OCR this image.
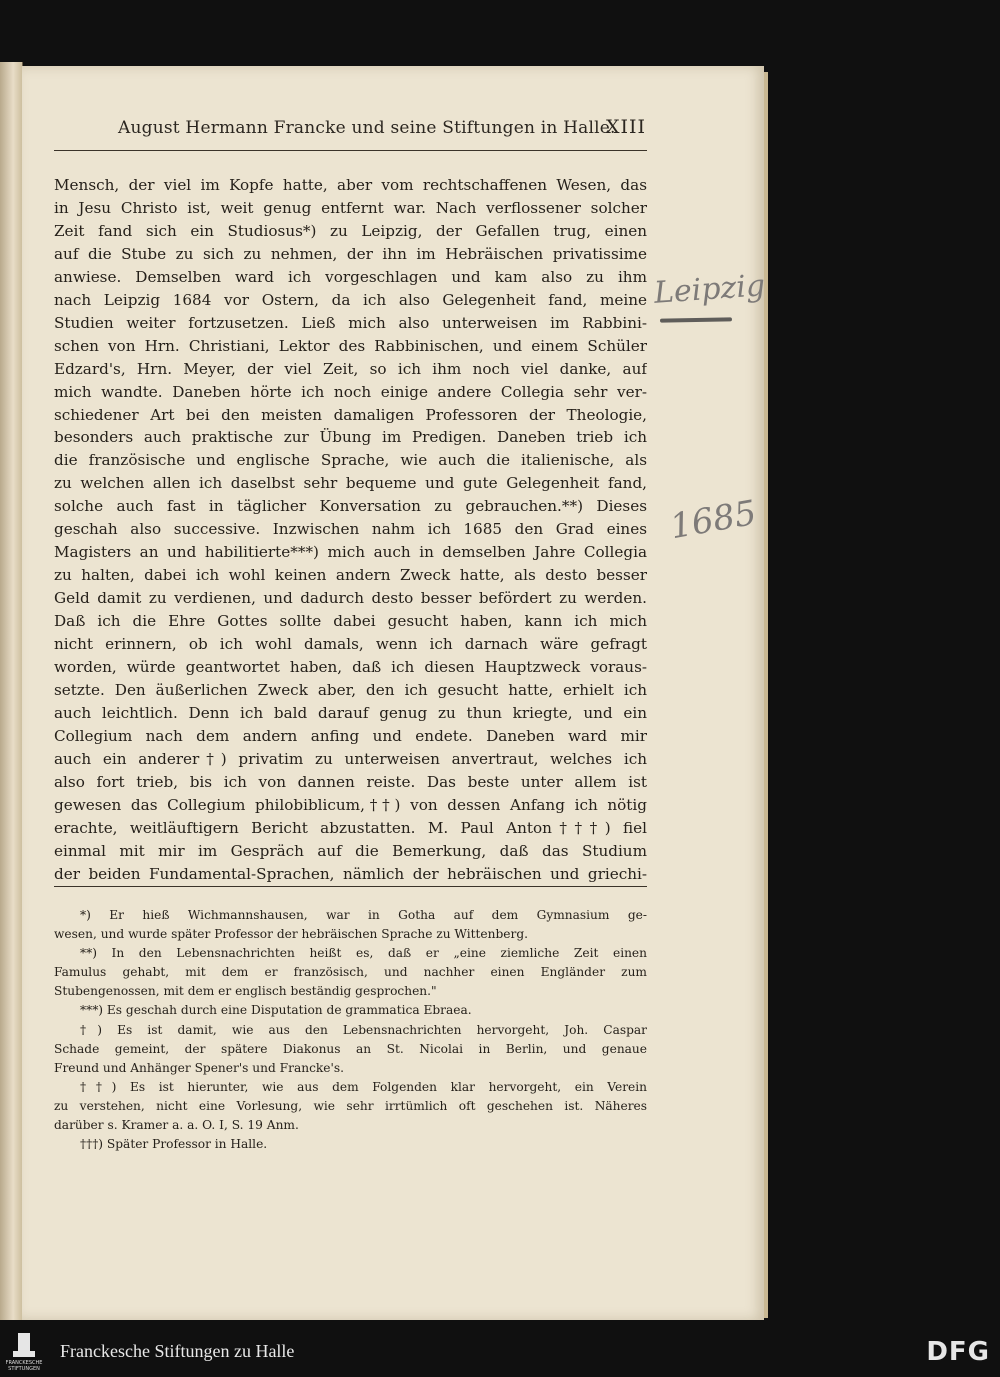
August Hermann Francke und seine Stiftungen in Halle.
XIII
Mensch, der viel im Kopfe hatte, aber vom rechtschaffenen Wesen, das
in Jesu Christo ist, weit genug entfernt war. Nach verflossener solcher
Zeit fand sich ein Studiosus*) zu Leipzig, der Gefallen trug, einen
auf die Stube zu sich zu nehmen, der ihn im Hebräischen privatissime
anwiese. Demselben ward ich vorgeschlagen und kam also zu ihm
nach Leipzig 1684 vor Ostern, da ich also Gelegenheit fand, meine
Studien weiter fortzusetzen. Ließ mich also unterweisen im Rabbini-
schen von Hrn. Christiani, Lektor des Rabbinischen, und einem Schüler
Edzard's, Hrn. Meyer, der viel Zeit, so ich ihm noch viel danke, auf
mich wandte. Daneben hörte ich noch einige andere Collegia sehr ver-
schiedener Art bei den meisten damaligen Professoren der Theologie,
besonders auch praktische zur Übung im Predigen. Daneben trieb ich
die französische und englische Sprache, wie auch die italienische, als
zu welchen allen ich daselbst sehr bequeme und gute Gelegenheit fand,
solche auch fast in täglicher Konversation zu gebrauchen.**) Dieses
geschah also successive. Inzwischen nahm ich 1685 den Grad eines
Magisters an und habilitierte***) mich auch in demselben Jahre Collegia
zu halten, dabei ich wohl keinen andern Zweck hatte, als desto besser
Geld damit zu verdienen, und dadurch desto besser befördert zu werden.
Daß ich die Ehre Gottes sollte dabei gesucht haben, kann ich mich
nicht erinnern, ob ich wohl damals, wenn ich darnach wäre gefragt
worden, würde geantwortet haben, daß ich diesen Hauptzweck voraus-
setzte. Den äußerlichen Zweck aber, den ich gesucht hatte, erhielt ich
auch leichtlich. Denn ich bald darauf genug zu thun kriegte, und ein
Collegium nach dem andern anfing und endete. Daneben ward mir
auch ein anderer†) privatim zu unterweisen anvertraut, welches ich
also fort trieb, bis ich von dannen reiste. Das beste unter allem ist
gewesen das Collegium philobiblicum,††) von dessen Anfang ich nötig
erachte, weitläuftigern Bericht abzustatten. M. Paul Anton†††) fiel
einmal mit mir im Gespräch auf die Bemerkung, daß das Studium
der beiden Fundamental-Sprachen, nämlich der hebräischen und griechi-
*) Er hieß Wichmannshausen, war in Gotha auf dem Gymnasium ge-
wesen, und wurde später Professor der hebräischen Sprache zu Wittenberg.
**) In den Lebensnachrichten heißt es, daß er „eine ziemliche Zeit einen
Famulus gehabt, mit dem er französisch, und nachher einen Engländer zum
Stubengenossen, mit dem er englisch beständig gesprochen."
***) Es geschah durch eine Disputation de grammatica Ebraea.
†) Es ist damit, wie aus den Lebensnachrichten hervorgeht, Joh. Caspar
Schade gemeint, der spätere Diakonus an St. Nicolai in Berlin, und genaue
Freund und Anhänger Spener's und Francke's.
††) Es ist hierunter, wie aus dem Folgenden klar hervorgeht, ein Verein
zu verstehen, nicht eine Vorlesung, wie sehr irrtümlich oft geschehen ist. Näheres
darüber s. Kramer a. a. O. I, S. 19 Anm.
†††) Später Professor in Halle.
Leipzig
1685
FRANCKESCHE STIFTUNGEN
Franckesche Stiftungen zu Halle	DFG
